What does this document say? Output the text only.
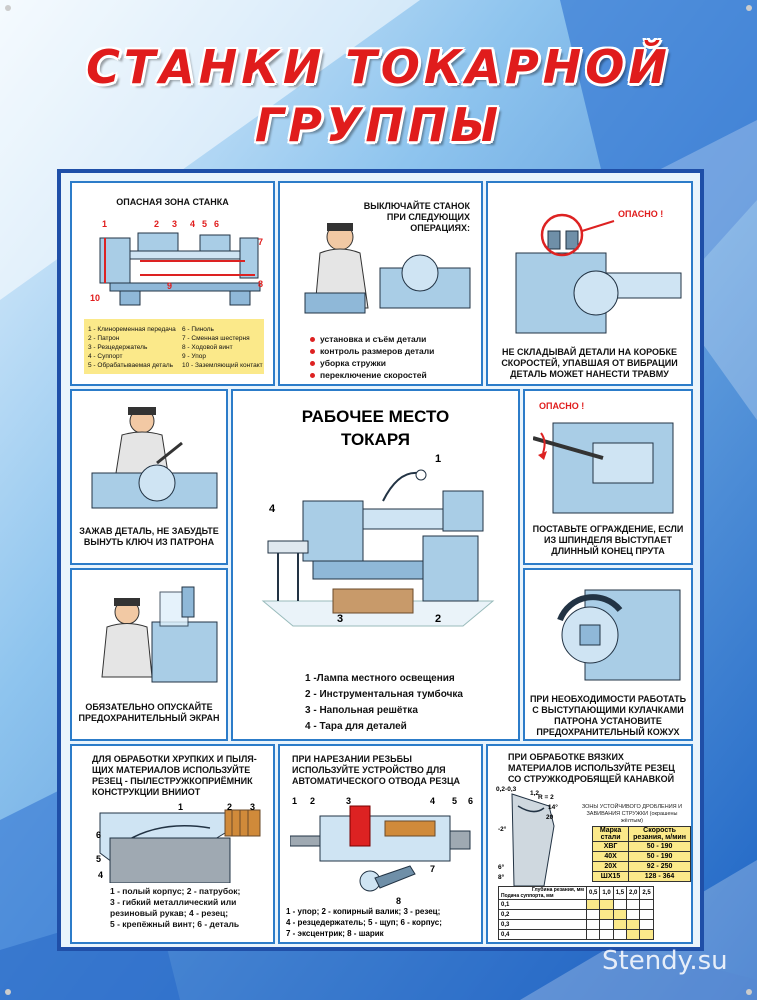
СТАНКИ ТОКАРНОЙ
ГРУППЫ
ОПАСНАЯ ЗОНА СТАНКА
1	2 3 4 5 6
7
8
9
10
1 - Клиноременная передача
2 - Патрон
3 - Резцедержатель
4 - Суппорт
5 - Обрабатываемая деталь
6 - Пиноль
7 - Сменная шестерня
8 - Ходовой винт
9 - Упор
10 - Заземляющий контакт
ВЫКЛЮЧАЙТЕ СТАНОК ПРИ СЛЕДУЮЩИХ ОПЕРАЦИЯХ:
установка и съём детали
контроль размеров детали
уборка стружки
переключение скоростей
ОПАСНО !
НЕ СКЛАДЫВАЙ ДЕТАЛИ НА КОРОБКЕ СКОРОСТЕЙ, УПАВШАЯ ОТ ВИБРАЦИИ ДЕТАЛЬ МОЖЕТ НАНЕСТИ ТРАВМУ
ЗАЖАВ ДЕТАЛЬ, НЕ ЗАБУДЬТЕ ВЫНУТЬ КЛЮЧ ИЗ ПАТРОНА
ОБЯЗАТЕЛЬНО ОПУСКАЙТЕ ПРЕДОХРАНИТЕЛЬНЫЙ ЭКРАН
РАБОЧЕЕ МЕСТО
ТОКАРЯ
1
2
3
4
1 -Лампа местного освещения
2 - Инструментальная тумбочка
3 - Напольная решётка
4 - Тара для деталей
ОПАСНО !
ПОСТАВЬТЕ ОГРАЖДЕНИЕ, ЕСЛИ ИЗ ШПИНДЕЛЯ ВЫСТУПАЕТ ДЛИННЫЙ КОНЕЦ ПРУТА
ПРИ НЕОБХОДИМОСТИ РАБОТАТЬ С ВЫСТУПАЮЩИМИ КУЛАЧКАМИ ПАТРОНА УСТАНОВИТЕ ПРЕДОХРАНИТЕЛЬНЫЙ КОЖУХ
ДЛЯ ОБРАБОТКИ ХРУПКИХ И ПЫЛЯ- ЩИХ МАТЕРИАЛОВ ИСПОЛЬЗУЙТЕ РЕЗЕЦ - ПЫЛЕСТРУЖКОПРИЁМНИК КОНСТРУКЦИИ ВНИИОТ
1	2 3
4
5
6
1 - полый корпус; 2 - патрубок;
3 - гибкий металлический или
резиновый рукав; 4 - резец;
5 - крепёжный винт; 6 - деталь
ПРИ НАРЕЗАНИИ РЕЗЬБЫ ИСПОЛЬЗУЙТЕ УСТРОЙСТВО ДЛЯ АВТОМАТИЧЕСКОГО ОТВОДА РЕЗЦА
1 2	3	4 5 6
7
8
1 - упор; 2 - копирный валик; 3 - резец;
4 - резцедержатель; 5 - щуп; 6 - корпус;
7 - эксцентрик; 8 - шарик
ПРИ ОБРАБОТКЕ ВЯЗКИХ МАТЕРИАЛОВ ИСПОЛЬЗУЙТЕ РЕЗЕЦ СО СТРУЖКОДРОБЯЩЕЙ КАНАВКОЙ
0,2-0,3
R = 2
14°
1,2
20
-2°
6°
8°
ЗОНЫ УСТОЙЧИВОГО ДРОБЛЕНИЯ И ЗАВИВАНИЯ СТРУЖКИ (окрашены жёлтым)
Марка стали	Скорость резания, м/мин
ХВГ	50 - 190
40Х	50 - 190
20Х	92 - 250
ШХ15	128 - 364
Глубина резания, мм
Подача суппорта, мм	0,5	1,0	1,5	2,0	2,5
0,1					
0,2					
0,3					
0,4					
Stendy.su
